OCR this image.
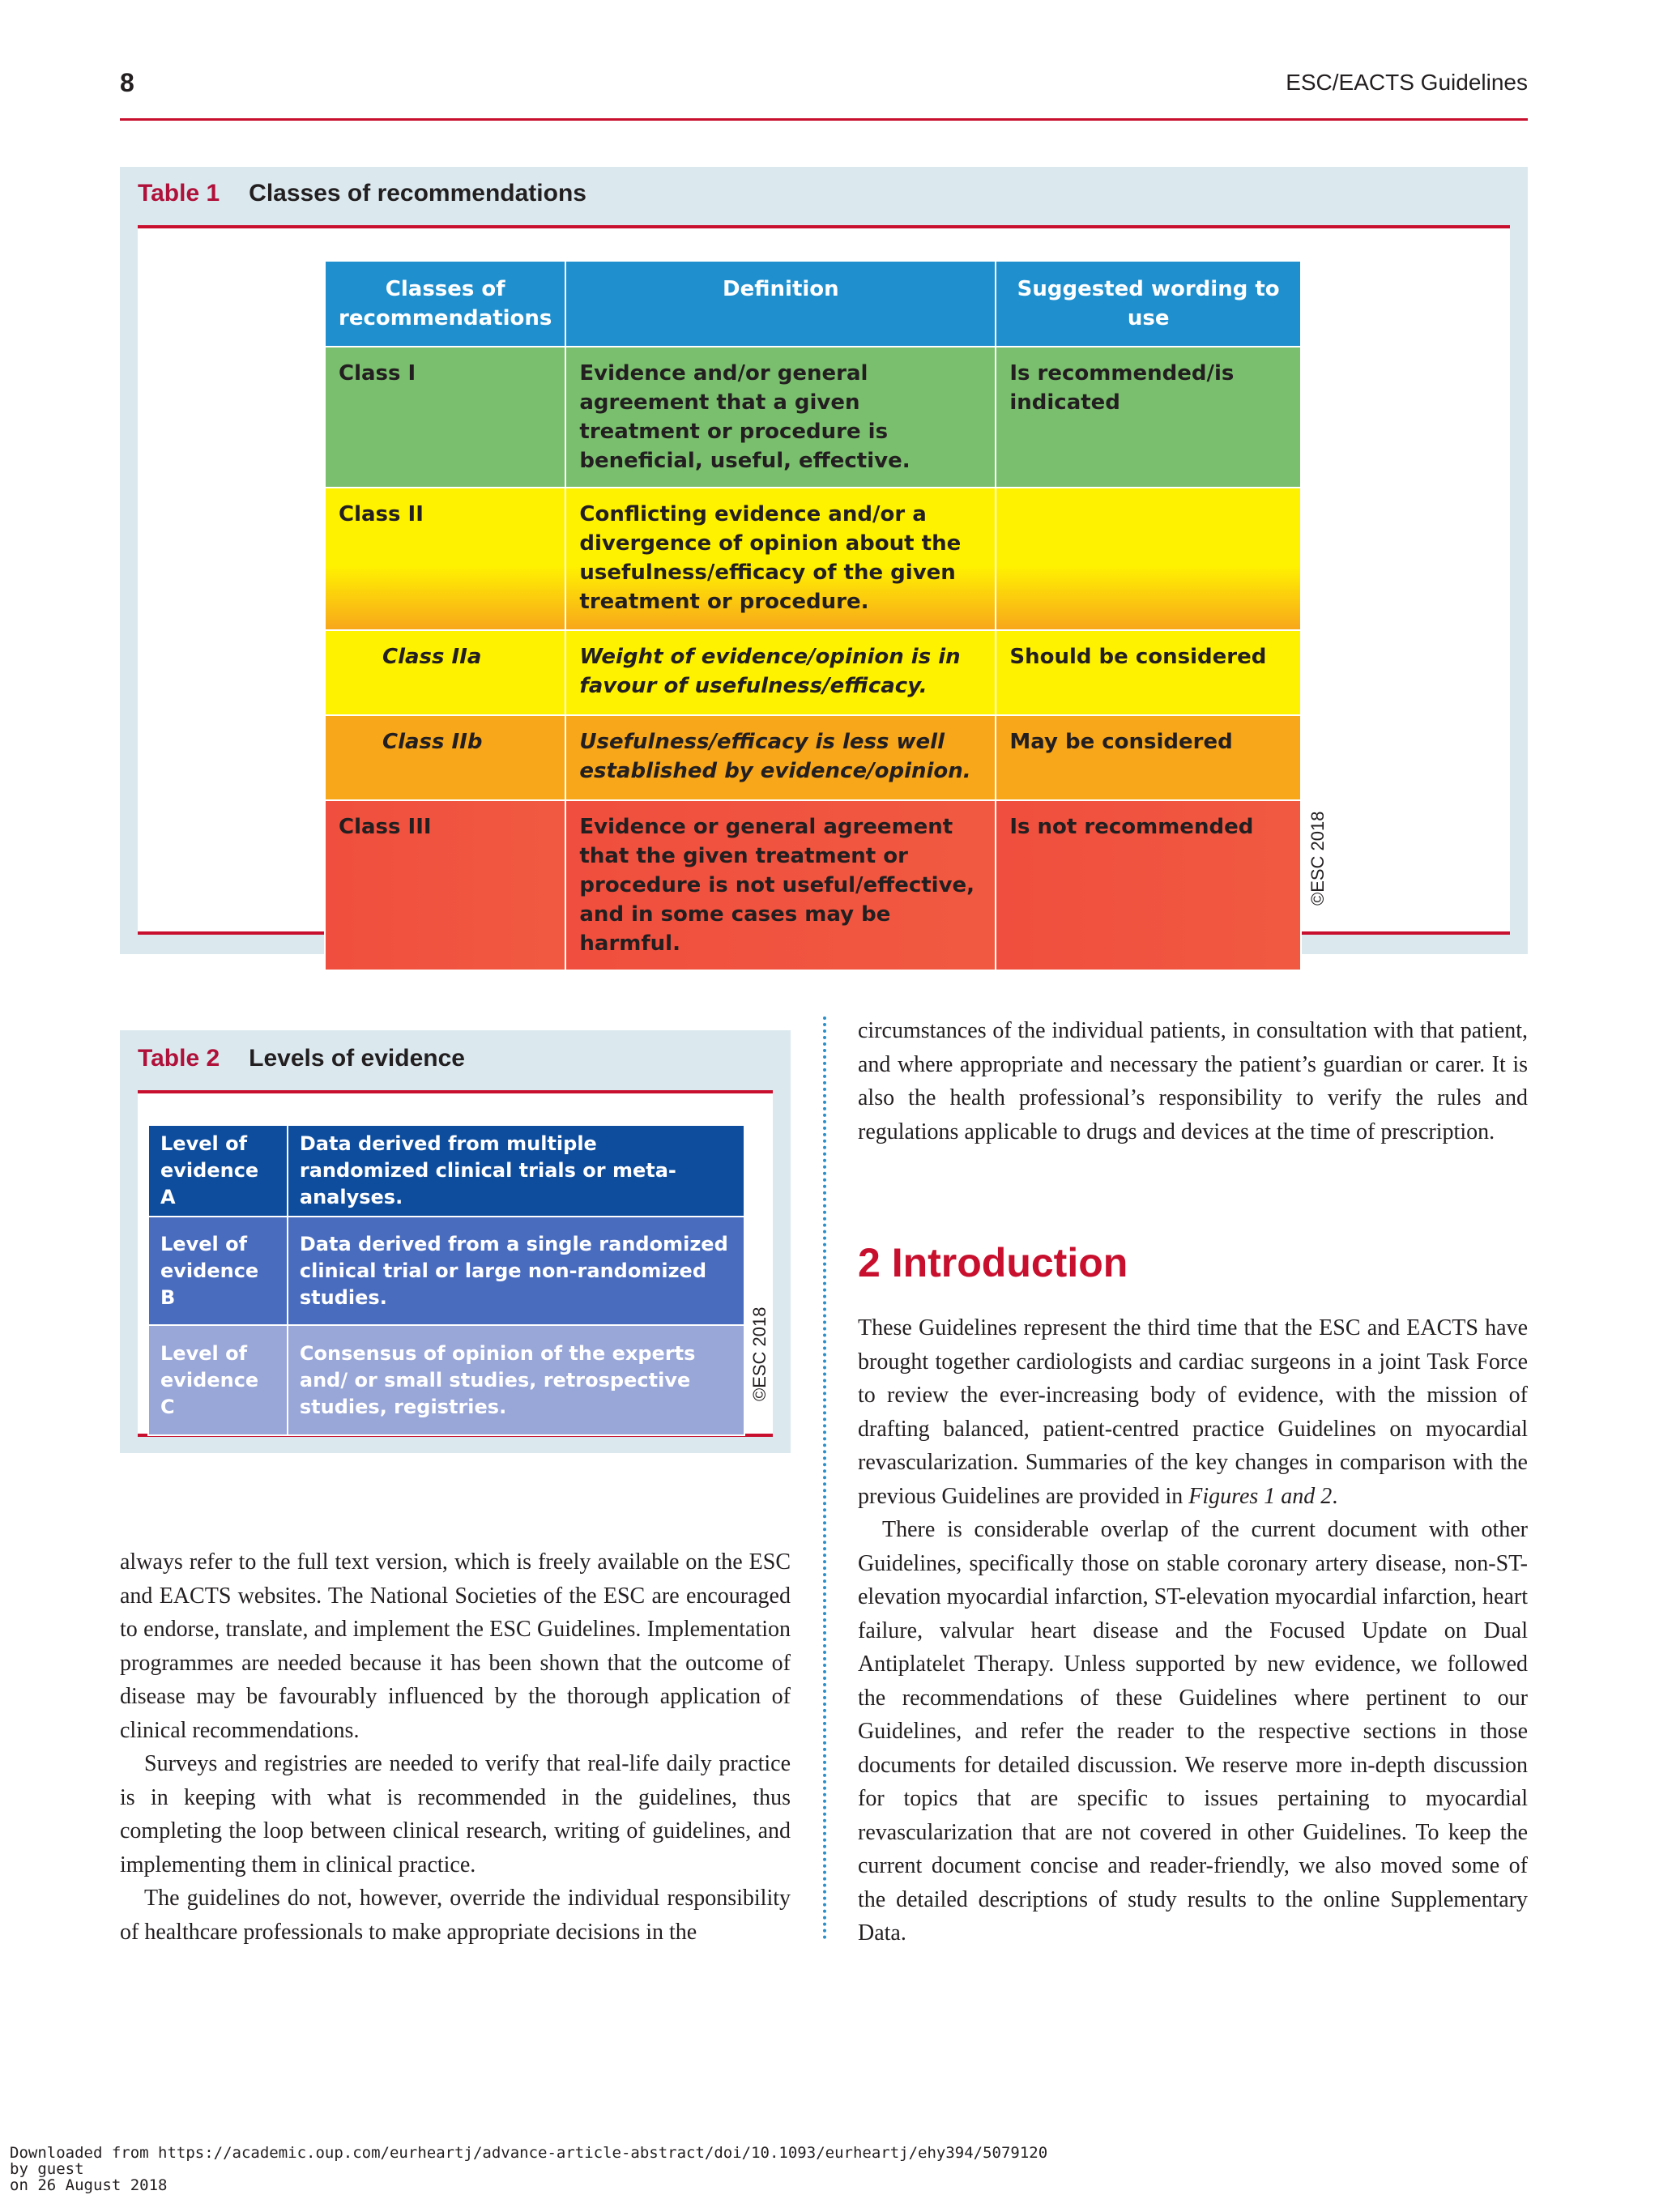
8	ESC/EACTS Guidelines
Table 1 Classes of recommendations
Classes of recommendations	Definition	Suggested wording to use
Class I	Evidence and/or general agreement that a given treatment or procedure is beneficial, useful, effective.	Is recommended/is indicated
Class II	Conflicting evidence and/or a divergence of opinion about the usefulness/efficacy of the given treatment or procedure.	
Class IIa	Weight of evidence/opinion is in favour of usefulness/efficacy.	Should be considered
Class IIb	Usefulness/efficacy is less well established by evidence/opinion.	May be considered
Class III	Evidence or general agreement that the given treatment or procedure is not useful/effective, and in some cases may be harmful.	Is not recommended	©ESC 2018
Table 2 Levels of evidence
Level of evidence A	Data derived from multiple randomized clinical trials or meta-analyses.
Level of evidence B	Data derived from a single randomized clinical trial or large non-randomized studies.
Level of evidence C	Consensus of opinion of the experts and/ or small studies, retrospective studies, registries.
©ESC 2018

always refer to the full text version, which is freely available on the ESC and EACTS websites. The National Societies of the ESC are encouraged to endorse, translate, and implement the ESC Guidelines. Implementation programmes are needed because it has been shown that the outcome of disease may be favourably influenced by the thorough application of clinical recommendations.

Surveys and registries are needed to verify that real-life daily practice is in keeping with what is recommended in the guidelines, thus completing the loop between clinical research, writing of guidelines, and implementing them in clinical practice.

The guidelines do not, however, override the individual responsibility of healthcare professionals to make appropriate decisions in the

circumstances of the individual patients, in consultation with that patient, and where appropriate and necessary the patient’s guardian or carer. It is also the health professional’s responsibility to verify the rules and regulations applicable to drugs and devices at the time of prescription.

2 Introduction

These Guidelines represent the third time that the ESC and EACTS have brought together cardiologists and cardiac surgeons in a joint Task Force to review the ever-increasing body of evidence, with the mission of drafting balanced, patient-centred practice Guidelines on myocardial revascularization. Summaries of the key changes in comparison with the previous Guidelines are provided in Figures 1 and 2.

There is considerable overlap of the current document with other Guidelines, specifically those on stable coronary artery disease, non-ST-elevation myocardial infarction, ST-elevation myocardial infarction, heart failure, valvular heart disease and the Focused Update on Dual Antiplatelet Therapy. Unless supported by new evidence, we followed the recommendations of these Guidelines where pertinent to our Guidelines, and refer the reader to the respective sections in those documents for detailed discussion. We reserve more in-depth discussion for topics that are specific to issues pertaining to myocardial revascularization that are not covered in other Guidelines. To keep the current document concise and reader-friendly, we also moved some of the detailed descriptions of study results to the online Supplementary Data.

Downloaded from https://academic.oup.com/eurheartj/advance-article-abstract/doi/10.1093/eurheartj/ehy394/5079120
by guest
on 26 August 2018
